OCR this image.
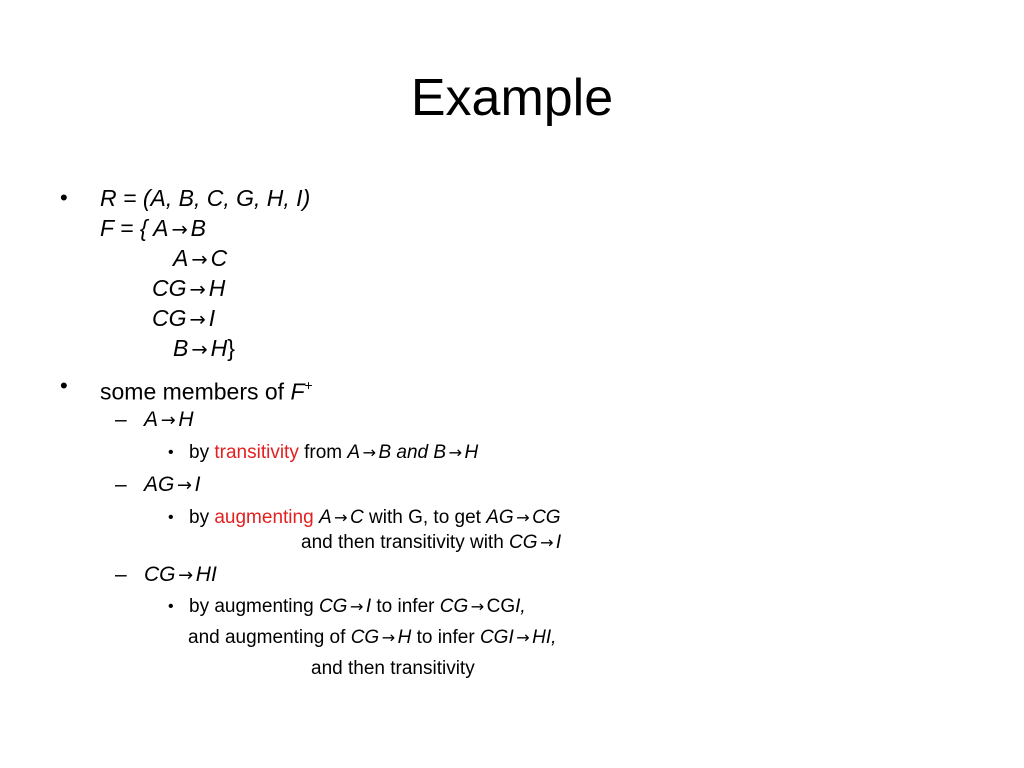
Example
• R = (A, B, C, G, H, I)
F = { A → B
A → C
CG → H
CG → I
B → H}
• some members of F+
– A → H
• by transitivity from A → B and B → H
– AG → I
• by augmenting A → C with G, to get AG → CG
and then transitivity with CG → I
– CG → HI
• by augmenting CG → I to infer CG → CGI,
and augmenting of CG → H to infer CGI → HI,
and then transitivity
